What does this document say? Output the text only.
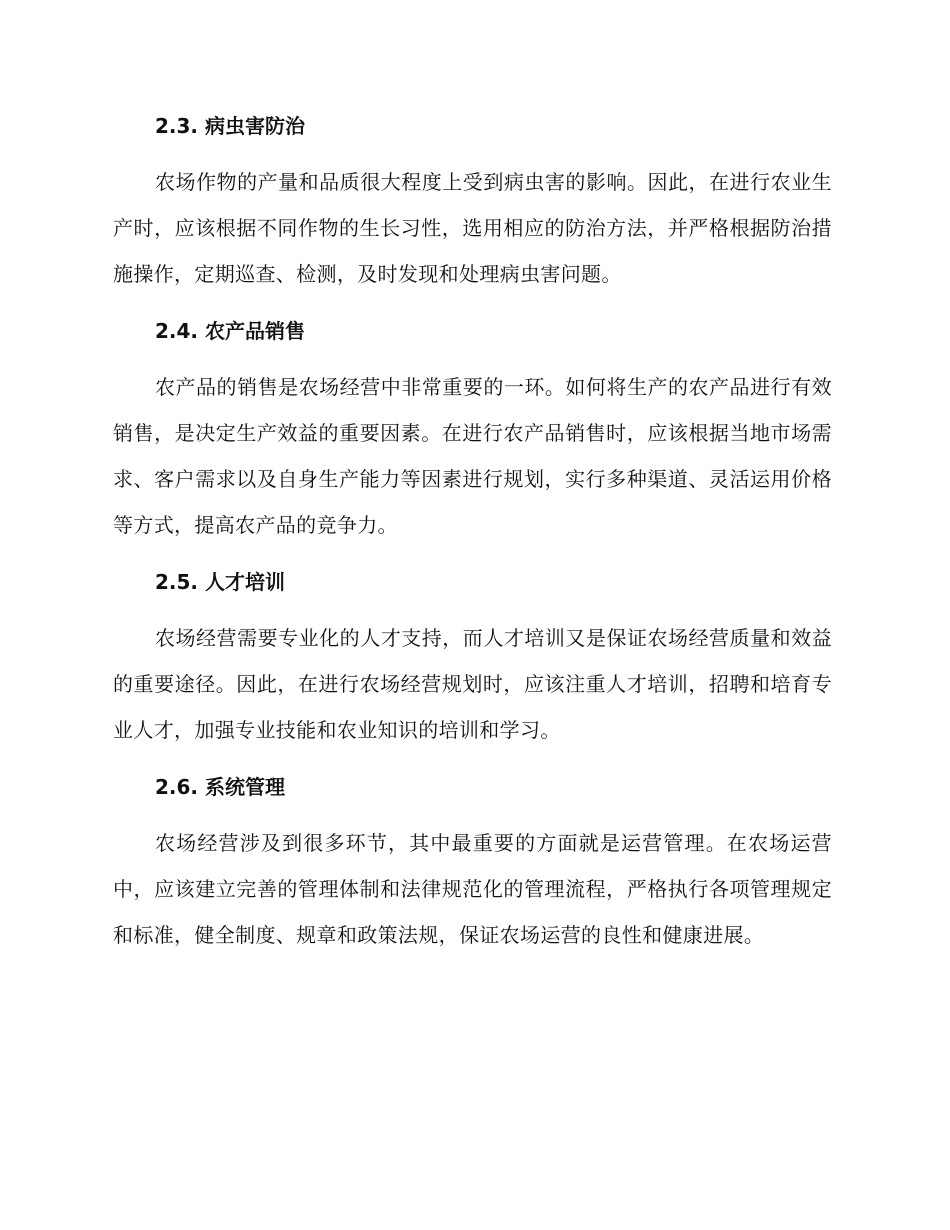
2.3. 病虫害防治

农场作物的产量和品质很大程度上受到病虫害的影响。因此，在进行农业生产时，应该根据不同作物的生长习性，选用相应的防治方法，并严格根据防治措施操作，定期巡查、检测，及时发现和处理病虫害问题。

2.4. 农产品销售

农产品的销售是农场经营中非常重要的一环。如何将生产的农产品进行有效销售，是决定生产效益的重要因素。在进行农产品销售时，应该根据当地市场需求、客户需求以及自身生产能力等因素进行规划，实行多种渠道、灵活运用价格等方式，提高农产品的竞争力。

2.5. 人才培训

农场经营需要专业化的人才支持，而人才培训又是保证农场经营质量和效益的重要途径。因此，在进行农场经营规划时，应该注重人才培训，招聘和培育专业人才，加强专业技能和农业知识的培训和学习。

2.6. 系统管理

农场经营涉及到很多环节，其中最重要的方面就是运营管理。在农场运营中，应该建立完善的管理体制和法律规范化的管理流程，严格执行各项管理规定和标准，健全制度、规章和政策法规，保证农场运营的良性和健康进展。
